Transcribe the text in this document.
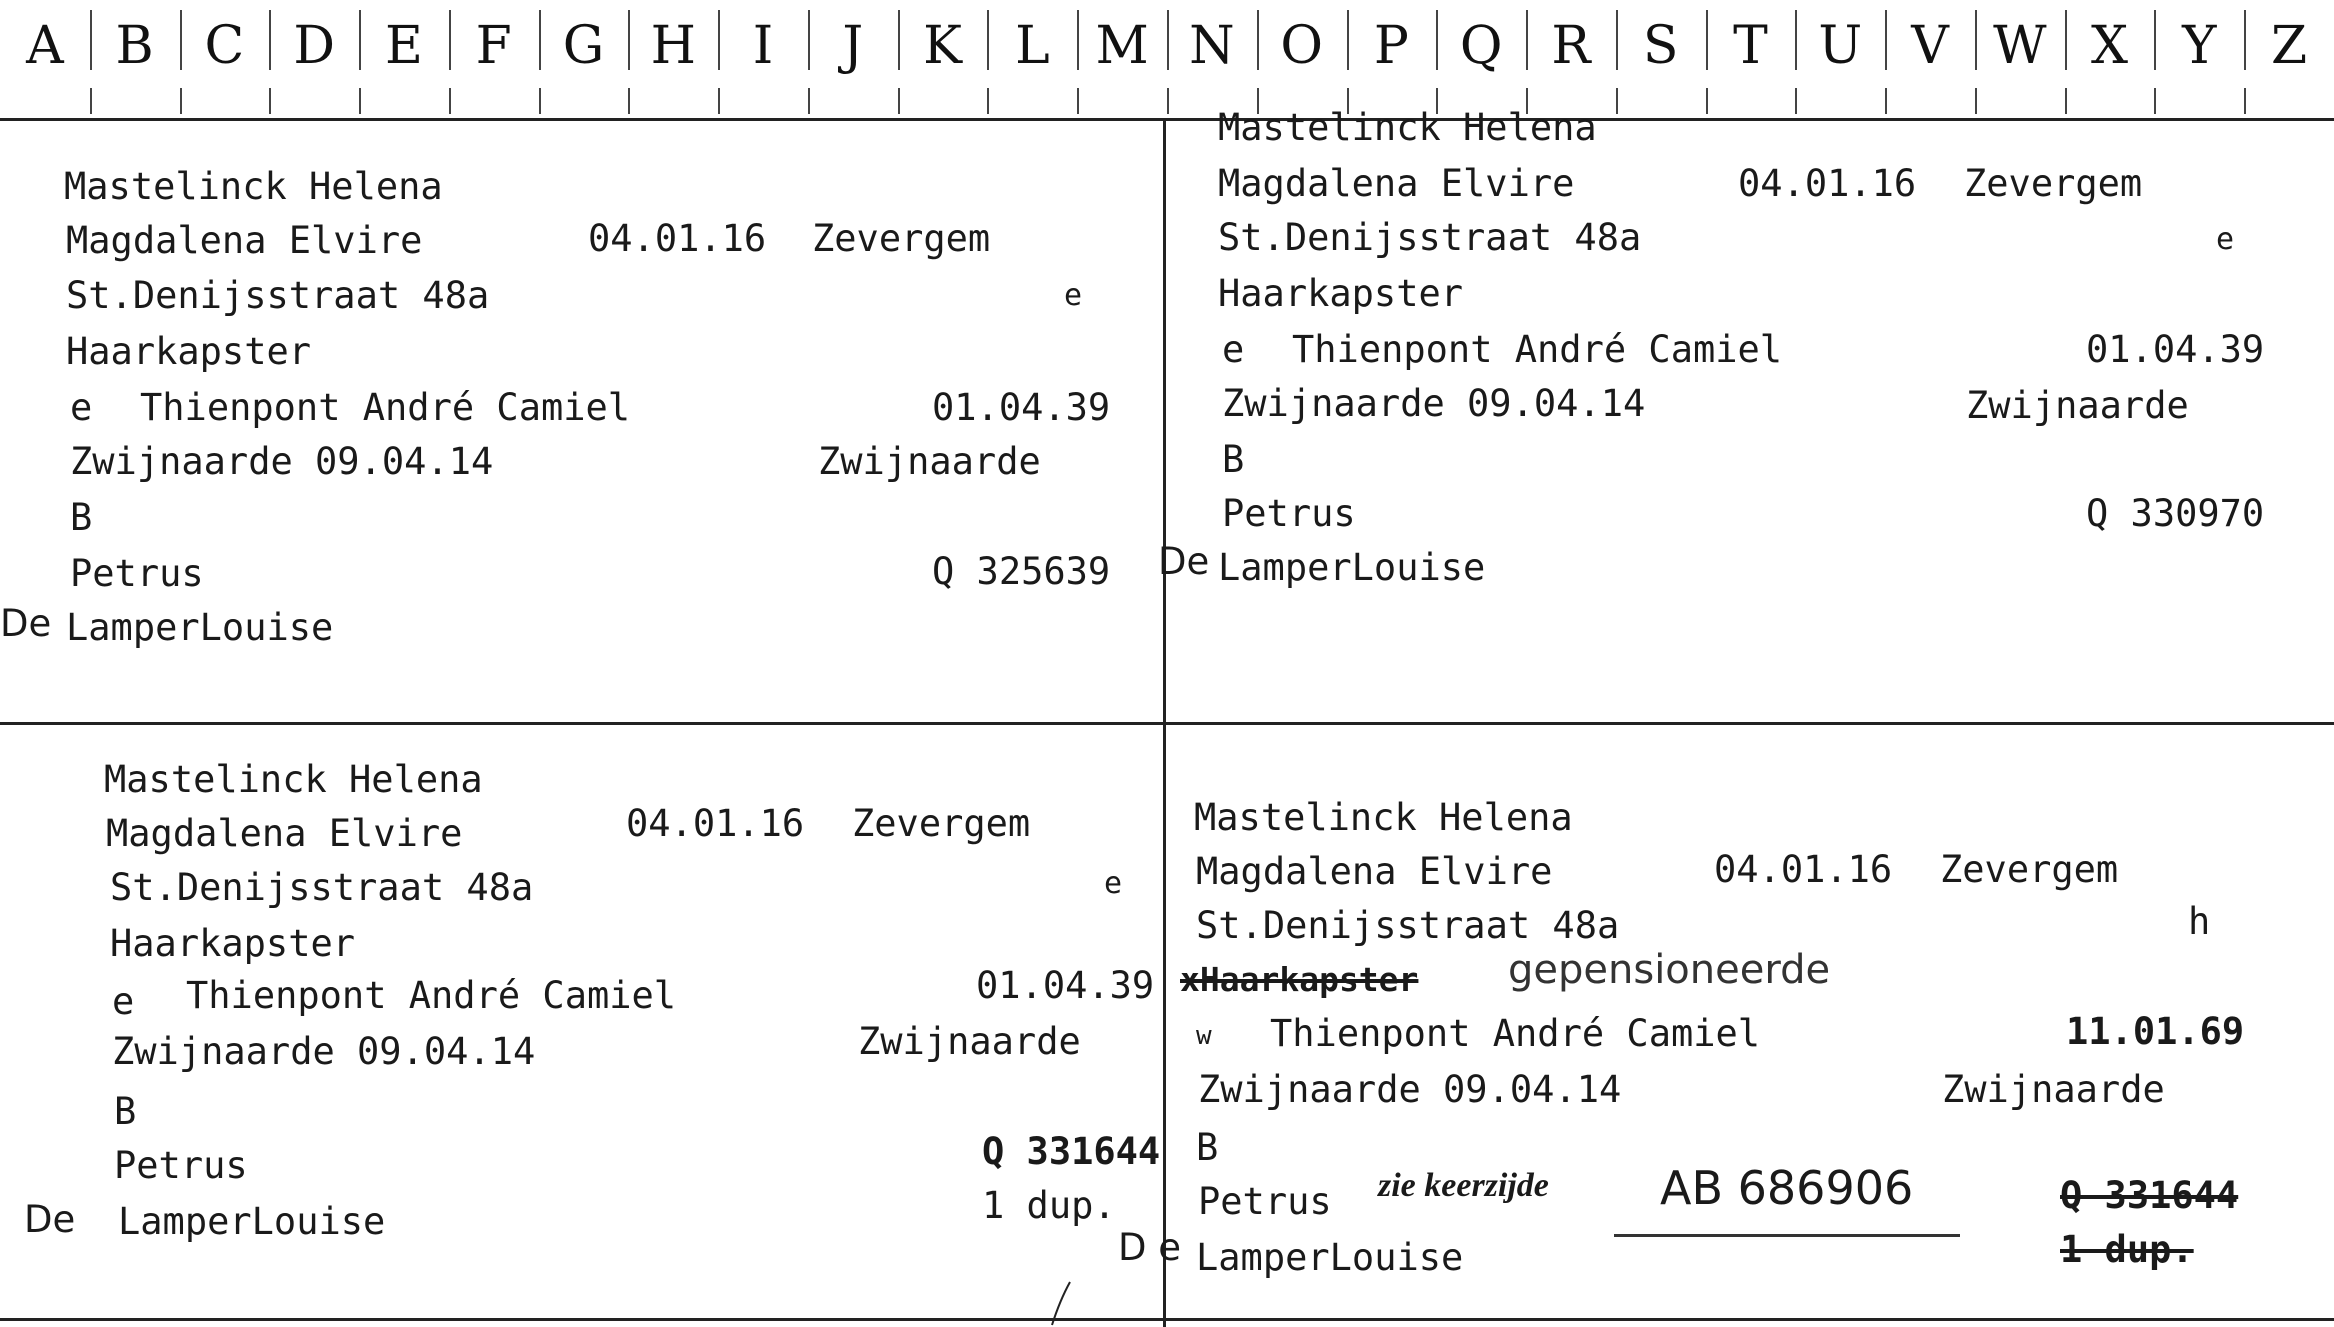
A B C D E	F G H	I	J	K	L M N O P Q R	S	T U V W X	Y	Z
Mastelinck Helena
Magdalena Elvire	04.01.16 Zevergem
St.Denijsstraat 48a	e
Haarkapster
e Thienpont André Camiel	01.04.39
Zwijnaarde 09.04.14	Zwijnaarde
B
Petrus	Q 325639
De LamperLouise
Mastelinck Helena
Magdalena Elvire	04.01.16 Zevergem
St.Denijsstraat 48a	e
Haarkapster
e Thienpont André Camiel	01.04.39
Zwijnaarde 09.04.14	Zwijnaarde
B
Petrus	Q 330970
De LamperLouise
Mastelinck Helena
Magdalena Elvire	04.01.16 Zevergem
St.Denijsstraat 48a	e
Haarkapster
e Thienpont André Camiel	01.04.39
Zwijnaarde 09.04.14	Zwijnaarde
B
Petrus	Q 331644
1 dup.
De LamperLouise
Mastelinck Helena
Magdalena Elvire	04.01.16 Zevergem
St.Denijsstraat 48a	h
xHaarkapster gepensioneerde
w Thienpont André Camiel	11.01.69
Zwijnaarde 09.04.14	Zwijnaarde
B
Petrus zie keerzijde AB 686906	Q 331644
1 dup.
D e LamperLouise
